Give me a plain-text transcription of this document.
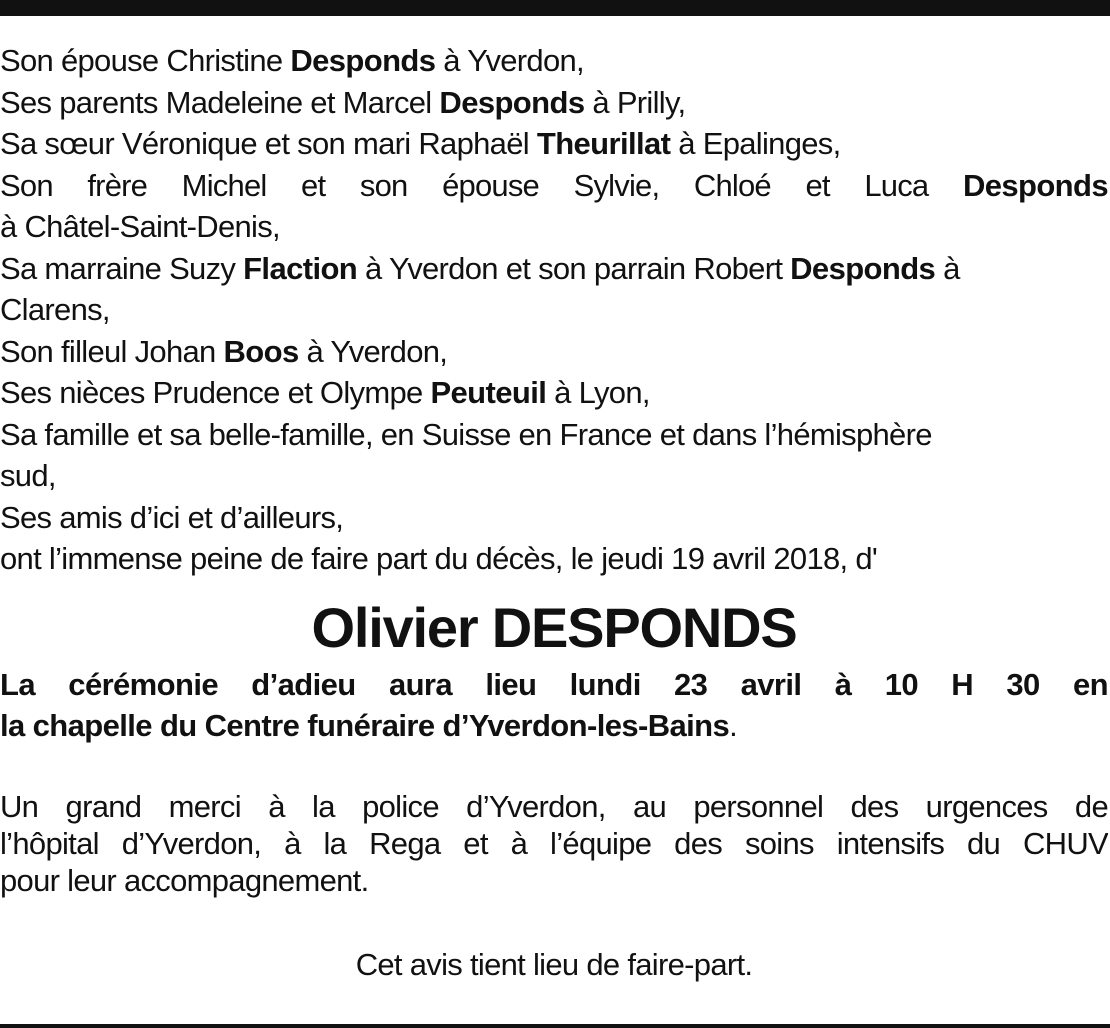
Son épouse Christine Desponds à Yverdon,
Ses parents Madeleine et Marcel Desponds à Prilly,
Sa sœur Véronique et son mari Raphaël Theurillat à Epalinges,
Son frère Michel et son épouse Sylvie, Chloé et Luca Desponds
à Châtel-Saint-Denis,
Sa marraine Suzy Flaction à Yverdon et son parrain Robert Desponds à
Clarens,
Son filleul Johan Boos à Yverdon,
Ses nièces Prudence et Olympe Peuteuil à Lyon,
Sa famille et sa belle-famille, en Suisse en France et dans l’hémisphère
sud,
Ses amis d’ici et d’ailleurs,
ont l’immense peine de faire part du décès, le jeudi 19 avril 2018, d'
Olivier DESPONDS
La cérémonie d’adieu aura lieu lundi 23 avril à 10 H 30 en
la chapelle du Centre funéraire d’Yverdon-les-Bains.
Un grand merci à la police d’Yverdon, au personnel des urgences de
l’hôpital d’Yverdon, à la Rega et à l’équipe des soins intensifs du CHUV
pour leur accompagnement.
Cet avis tient lieu de faire-part.
